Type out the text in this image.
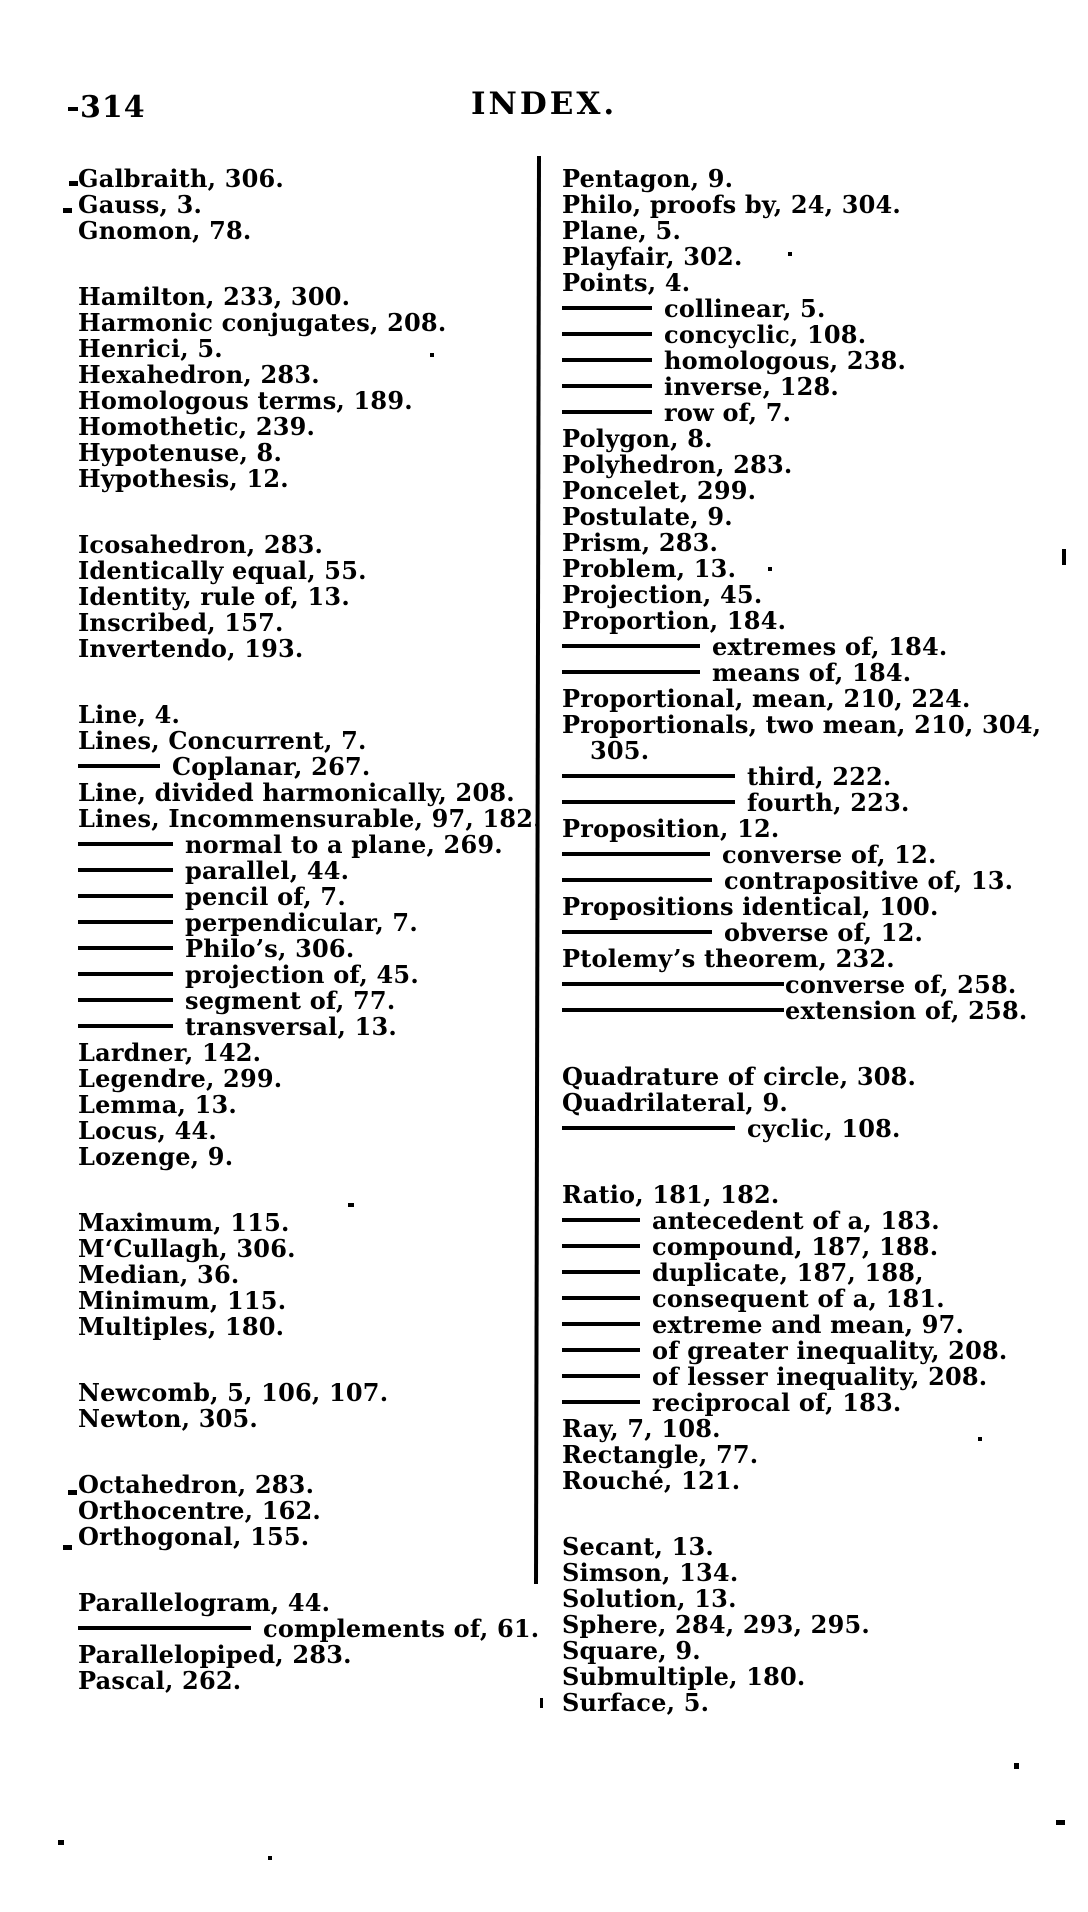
314	INDEX.
Galbraith, 306.
Gauss, 3.
Gnomon, 78.
Hamilton, 233, 300.
Harmonic conjugates, 208.
Henrici, 5.
Hexahedron, 283.
Homologous terms, 189.
Homothetic, 239.
Hypotenuse, 8.
Hypothesis, 12.
Icosahedron, 283.
Identically equal, 55.
Identity, rule of, 13.
Inscribed, 157.
Invertendo, 193.
Line, 4.
Lines, Concurrent, 7.
Coplanar, 267.
Line, divided harmonically, 208.
Lines, Incommensurable, 97, 182.
normal to a plane, 269.
parallel, 44.
pencil of, 7.
perpendicular, 7.
Philo’s, 306.
projection of, 45.
segment of, 77.
transversal, 13.
Lardner, 142.
Legendre, 299.
Lemma, 13.
Locus, 44.
Lozenge, 9.
Maximum, 115.
M‘Cullagh, 306.
Median, 36.
Minimum, 115.
Multiples, 180.
Newcomb, 5, 106, 107.
Newton, 305.
Octahedron, 283.
Orthocentre, 162.
Orthogonal, 155.
Parallelogram, 44.
complements of, 61.
Parallelopiped, 283.
Pascal, 262.
Pentagon, 9.
Philo, proofs by, 24, 304.
Plane, 5.
Playfair, 302.
Points, 4.
collinear, 5.
concyclic, 108.
homologous, 238.
inverse, 128.
row of, 7.
Polygon, 8.
Polyhedron, 283.
Poncelet, 299.
Postulate, 9.
Prism, 283.
Problem, 13.
Projection, 45.
Proportion, 184.
extremes of, 184.
means of, 184.
Proportional, mean, 210, 224.
Proportionals, two mean, 210, 304,
305.
third, 222.
fourth, 223.
Proposition, 12.
converse of, 12.
contrapositive of, 13.
Propositions identical, 100.
obverse of, 12.
Ptolemy’s theorem, 232.
converse of, 258.
extension of, 258.
Quadrature of circle, 308.
Quadrilateral, 9.
cyclic, 108.
Ratio, 181, 182.
antecedent of a, 183.
compound, 187, 188.
duplicate, 187, 188,
consequent of a, 181.
extreme and mean, 97.
of greater inequality, 208.
of lesser inequality, 208.
reciprocal of, 183.
Ray, 7, 108.
Rectangle, 77.
Rouché, 121.
Secant, 13.
Simson, 134.
Solution, 13.
Sphere, 284, 293, 295.
Square, 9.
Submultiple, 180.
Surface, 5.
